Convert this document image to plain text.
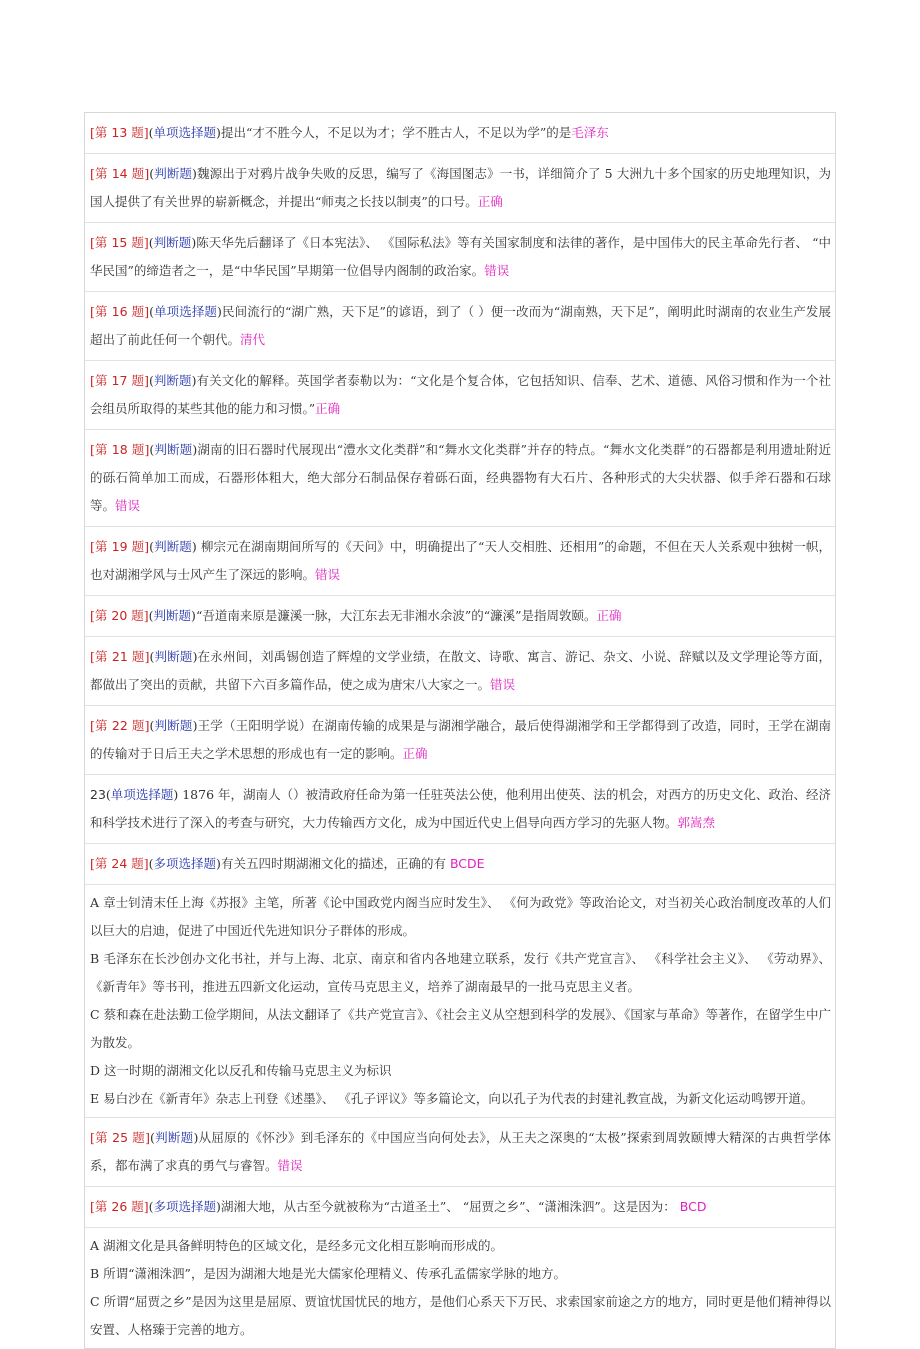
[第 13 题](单项选择题)提出“才不胜今人，不足以为才；学不胜古人，不足以为学”的是毛泽东
[第 14 题](判断题)魏源出于对鸦片战争失败的反思，编写了《海国图志》一书，详细简介了 5 大洲九十多个国家的历史地理知识，为国人提供了有关世界的崭新概念，并提出“师夷之长技以制夷”的口号。正确
[第 15 题](判断题)陈天华先后翻译了《日本宪法》、 《国际私法》等有关国家制度和法律的著作，是中国伟大的民主革命先行者、 “中华民国”的缔造者之一，是“中华民国”早期第一位倡导内阁制的政治家。错误
[第 16 题](单项选择题)民间流行的“湖广熟，天下足”的谚语，到了（ ）便一改而为“湖南熟，天下足”，阐明此时湖南的农业生产发展超出了前此任何一个朝代。清代
[第 17 题](判断题)有关文化的解释。英国学者泰勒以为：“文化是个复合体，它包括知识、信奉、艺术、道德、风俗习惯和作为一个社会组员所取得的某些其他的能力和习惯。”正确
[第 18 题](判断题)湖南的旧石器时代展现出“澧水文化类群”和“舞水文化类群”并存的特点。“舞水文化类群”的石器都是利用遗址附近的砾石简单加工而成，石器形体粗大，绝大部分石制品保存着砾石面，经典器物有大石片、各种形式的大尖状器、似手斧石器和石球等。错误
[第 19 题](判断题) 柳宗元在湖南期间所写的《天问》中，明确提出了“天人交相胜、还相用”的命题，不但在天人关系观中独树一帜，也对湖湘学风与士风产生了深远的影响。错误
[第 20 题](判断题)“吾道南来原是濂溪一脉，大江东去无非湘水余波”的“濂溪”是指周敦颐。正确
[第 21 题](判断题)在永州间，刘禹锡创造了辉煌的文学业绩，在散文、诗歌、寓言、游记、杂文、小说、辞赋以及文学理论等方面，都做出了突出的贡献，共留下六百多篇作品，使之成为唐宋八大家之一。错误
[第 22 题](判断题)王学（王阳明学说）在湖南传输的成果是与湖湘学融合，最后使得湖湘学和王学都得到了改造，同时，王学在湖南的传输对于日后王夫之学术思想的形成也有一定的影响。正确
23(单项选择题) 1876 年，湖南人（）被清政府任命为第一任驻英法公使，他利用出使英、法的机会，对西方的历史文化、政治、经济和科学技术进行了深入的考查与研究，大力传输西方文化，成为中国近代史上倡导向西方学习的先驱人物。郭嵩焘
[第 24 题](多项选择题)有关五四时期湖湘文化的描述，正确的有 BCDE
A 章士钊清末任上海《苏报》主笔，所著《论中国政党内阁当应时发生》、 《何为政党》等政治论文，对当初关心政治制度改革的人们以巨大的启迪，促进了中国近代先进知识分子群体的形成。
B 毛泽东在长沙创办文化书社，并与上海、北京、南京和省内各地建立联系，发行《共产党宣言》、 《科学社会主义》、 《劳动界》、《新青年》等书刊，推进五四新文化运动，宣传马克思主义，培养了湖南最早的一批马克思主义者。
C 蔡和森在赴法勤工俭学期间，从法文翻译了《共产党宣言》、《社会主义从空想到科学的发展》、《国家与革命》等著作，在留学生中广为散发。
D 这一时期的湖湘文化以反孔和传输马克思主义为标识
E 易白沙在《新青年》杂志上刊登《述墨》、 《孔子评议》等多篇论文，向以孔子为代表的封建礼教宣战，为新文化运动鸣锣开道。
[第 25 题](判断题)从屈原的《怀沙》到毛泽东的《中国应当向何处去》，从王夫之深奥的“太极”探索到周敦颐博大精深的古典哲学体系，都布满了求真的勇气与睿智。错误
[第 26 题](多项选择题)湖湘大地，从古至今就被称为“古道圣土”、 “屈贾之乡”、“潇湘洙泗”。这是因为： BCD
A 湖湘文化是具备鲜明特色的区域文化，是经多元文化相互影响而形成的。
B 所谓“潇湘洙泗”，是因为湖湘大地是光大儒家伦理精义、传承孔孟儒家学脉的地方。
C 所谓“屈贾之乡”是因为这里是屈原、贾谊忧国忧民的地方，是他们心系天下万民、求索国家前途之方的地方，同时更是他们精神得以安置、人格臻于完善的地方。
